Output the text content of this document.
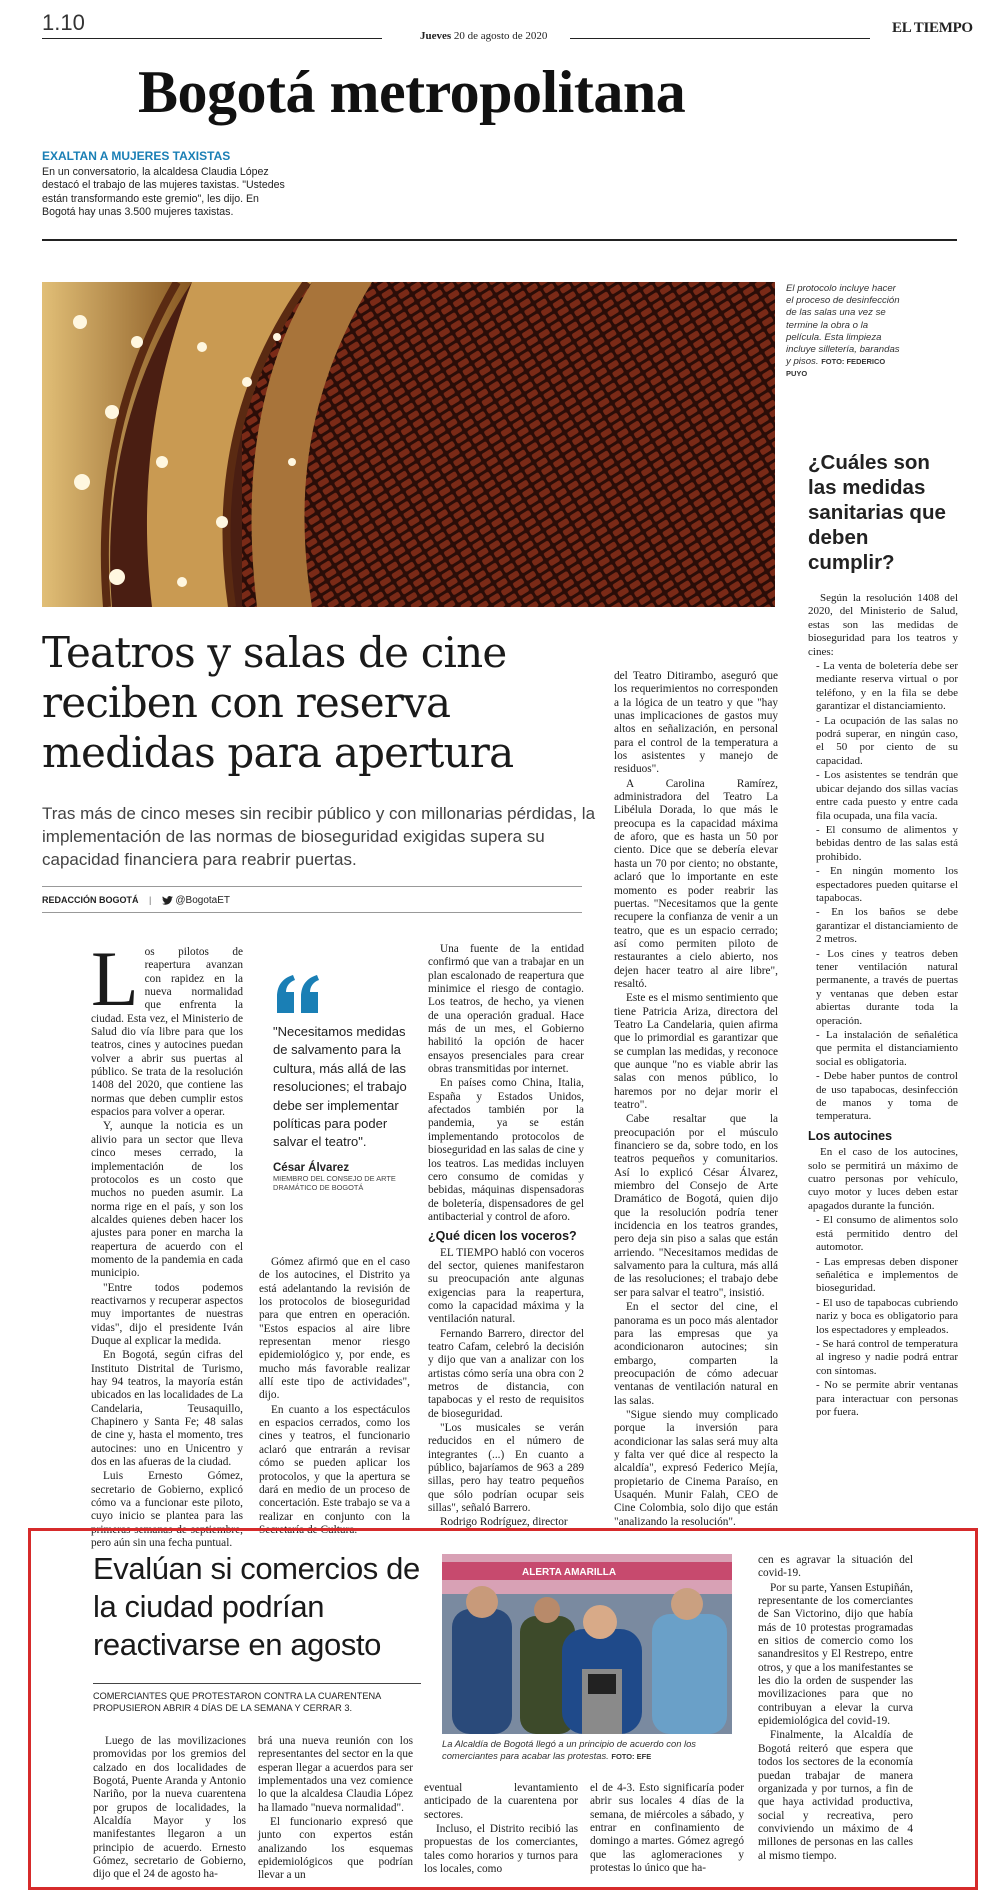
1.10
Jueves 20 de agosto de 2020	EL TIEMPO
Bogotá metropolitana
EXALTAN A MUJERES TAXISTAS
En un conversatorio, la alcaldesa Claudia López destacó el trabajo de las mujeres taxistas. "Ustedes están transformando este gremio", les dijo. En Bogotá hay unas 3.500 mujeres taxistas.
El protocolo incluye hacer el proceso de desinfección de las salas una vez se termine la obra o la película. Esta limpieza incluye silletería, barandas y pisos. FOTO: FEDERICO PUYO
¿Cuáles son las medidas sanitarias que deben cumplir?

Según la resolución 1408 del 2020, del Ministerio de Salud, estas son las medidas de bioseguridad para los teatros y cines:

- La venta de boletería debe ser mediante reserva virtual o por teléfono, y en la fila se debe garantizar el distanciamiento.

- La ocupación de las salas no podrá superar, en ningún caso, el 50 por ciento de su capacidad.

- Los asistentes se tendrán que ubicar dejando dos sillas vacías entre cada puesto y entre cada fila ocupada, una fila vacía.

- El consumo de alimentos y bebidas dentro de las salas está prohibido.

- En ningún momento los espectadores pueden quitarse el tapabocas.

- En los baños se debe garantizar el distanciamiento de 2 metros.

- Los cines y teatros deben tener ventilación natural permanente, a través de puertas y ventanas que deben estar abiertas durante toda la operación.

- La instalación de señalética que permita el distanciamiento social es obligatoria.

- Debe haber puntos de control de uso tapabocas, desinfección de manos y toma de temperatura.

Los autocines

En el caso de los autocines, solo se permitirá un máximo de cuatro personas por vehículo, cuyo motor y luces deben estar apagados durante la función.

- El consumo de alimentos solo está permitido dentro del automotor.

- Las empresas deben disponer señalética e implementos de bioseguridad.

- El uso de tapabocas cubriendo nariz y boca es obligatorio para los espectadores y empleados.

- Se hará control de temperatura al ingreso y nadie podrá entrar con síntomas.

- No se permite abrir ventanas para interactuar con personas por fuera.

Teatros y salas de cine reciben con reserva medidas para apertura
Tras más de cinco meses sin recibir público y con millonarias pérdidas, la implementación de las normas de bioseguridad exigidas supera su capacidad financiera para reabrir puertas.
REDACCIÓN BOGOTÁ | @BogotaET
L os pilotos de reapertura avanzan con rapidez en la nueva normalidad que enfrenta la ciudad. Esta vez, el Ministerio de Salud dio vía libre para que los teatros, cines y autocines puedan volver a abrir sus puertas al público. Se trata de la resolución 1408 del 2020, que contiene las normas que deben cumplir estos espacios para volver a operar.

Y, aunque la noticia es un alivio para un sector que lleva cinco meses cerrado, la implementación de los protocolos es un costo que muchos no pueden asumir. La norma rige en el país, y son los alcaldes quienes deben hacer los ajustes para poner en marcha la reapertura de acuerdo con el momento de la pandemia en cada municipio.

"Entre todos podemos reactivarnos y recuperar aspectos muy importantes de nuestras vidas", dijo el presidente Iván Duque al explicar la medida.

En Bogotá, según cifras del Instituto Distrital de Turismo, hay 94 teatros, la mayoría están ubicados en las localidades de La Candelaria, Teusaquillo, Chapinero y Santa Fe; 48 salas de cine y, hasta el momento, tres autocines: uno en Unicentro y dos en las afueras de la ciudad.

Luis Ernesto Gómez, secretario de Gobierno, explicó cómo va a funcionar este piloto, cuyo inicio se plantea para las primeras semanas de septiembre, pero aún sin una fecha puntual.

"Necesitamos medidas de salvamento para la cultura, más allá de las resoluciones; el trabajo debe ser implementar políticas para poder salvar el teatro".
César Álvarez
MIEMBRO DEL CONSEJO DE ARTE DRAMÁTICO DE BOGOTÁ

Gómez afirmó que en el caso de los autocines, el Distrito ya está adelantando la revisión de los protocolos de bioseguridad para que entren en operación. "Estos espacios al aire libre representan menor riesgo epidemiológico y, por ende, es mucho más favorable realizar allí este tipo de actividades", dijo.

En cuanto a los espectáculos en espacios cerrados, como los cines y teatros, el funcionario aclaró que entrarán a revisar cómo se pueden aplicar los protocolos, y que la apertura se dará en medio de un proceso de concertación. Este trabajo se va a realizar en conjunto con la Secretaría de Cultura.

Una fuente de la entidad confirmó que van a trabajar en un plan escalonado de reapertura que minimice el riesgo de contagio. Los teatros, de hecho, ya vienen de una operación gradual. Hace más de un mes, el Gobierno habilitó la opción de hacer ensayos presenciales para crear obras transmitidas por internet.

En países como China, Italia, España y Estados Unidos, afectados también por la pandemia, ya se están implementando protocolos de bioseguridad en las salas de cine y los teatros. Las medidas incluyen cero consumo de comidas y bebidas, máquinas dispensadoras de boletería, dispensadores de gel antibacterial y control de aforo.

¿Qué dicen los voceros?

EL TIEMPO habló con voceros del sector, quienes manifestaron su preocupación ante algunas exigencias para la reapertura, como la capacidad máxima y la ventilación natural.

Fernando Barrero, director del teatro Cafam, celebró la decisión y dijo que van a analizar con los artistas cómo sería una obra con 2 metros de distancia, con tapabocas y el resto de requisitos de bioseguridad.

"Los musicales se verán reducidos en el número de integrantes (...) En cuanto a público, bajaríamos de 963 a 289 sillas, pero hay teatro pequeños que sólo podrían ocupar seis sillas", señaló Barrero.

Rodrigo Rodríguez, director

del Teatro Ditirambo, aseguró que los requerimientos no corresponden a la lógica de un teatro y que "hay unas implicaciones de gastos muy altos en señalización, en personal para el control de la temperatura a los asistentes y manejo de residuos".

A Carolina Ramírez, administradora del Teatro La Libélula Dorada, lo que más le preocupa es la capacidad máxima de aforo, que es hasta un 50 por ciento. Dice que se debería elevar hasta un 70 por ciento; no obstante, aclaró que lo importante en este momento es poder reabrir las puertas. "Necesitamos que la gente recupere la confianza de venir a un teatro, que es un espacio cerrado; así como permiten piloto de restaurantes a cielo abierto, nos dejen hacer teatro al aire libre", resaltó.

Este es el mismo sentimiento que tiene Patricia Ariza, directora del Teatro La Candelaria, quien afirma que lo primordial es garantizar que se cumplan las medidas, y reconoce que aunque "no es viable abrir las salas con menos público, lo haremos por no dejar morir el teatro".

Cabe resaltar que la preocupación por el músculo financiero se da, sobre todo, en los teatros pequeños y comunitarios. Así lo explicó César Álvarez, miembro del Consejo de Arte Dramático de Bogotá, quien dijo que la resolución podría tener incidencia en los teatros grandes, pero deja sin piso a salas que están arriendo. "Necesitamos medidas de salvamento para la cultura, más allá de las resoluciones; el trabajo debe ser para salvar el teatro", insistió.

En el sector del cine, el panorama es un poco más alentador para las empresas que ya acondicionaron autocines; sin embargo, comparten la preocupación de cómo adecuar ventanas de ventilación natural en las salas.

"Sigue siendo muy complicado porque la inversión para acondicionar las salas será muy alta y falta ver qué dice al respecto la alcaldía", expresó Federico Mejía, propietario de Cinema Paraíso, en Usaquén. Munir Falah, CEO de Cine Colombia, solo dijo que están "analizando la resolución".

Evalúan si comercios de la ciudad podrían reactivarse en agosto
COMERCIANTES QUE PROTESTARON CONTRA LA CUARENTENA PROPUSIERON ABRIR 4 DÍAS DE LA SEMANA Y CERRAR 3.
ALERTA AMARILLA
La Alcaldía de Bogotá llegó a un principio de acuerdo con los comerciantes para acabar las protestas. FOTO: EFE

Luego de las movilizaciones promovidas por los gremios del calzado en dos localidades de Bogotá, Puente Aranda y Antonio Nariño, por la nueva cuarentena por grupos de localidades, la Alcaldía Mayor y los manifestantes llegaron a un principio de acuerdo. Ernesto Gómez, secretario de Gobierno, dijo que el 24 de agosto ha-

brá una nueva reunión con los representantes del sector en la que esperan llegar a acuerdos para ser implementados una vez comience lo que la alcaldesa Claudia López ha llamado "nueva normalidad".

El funcionario expresó que junto con expertos están analizando los esquemas epidemiológicos que podrían llevar a un

eventual levantamiento anticipado de la cuarentena por sectores.

Incluso, el Distrito recibió las propuestas de los comerciantes, tales como horarios y turnos para los locales, como

el de 4-3. Esto significaría poder abrir sus locales 4 días de la semana, de miércoles a sábado, y entrar en confinamiento de domingo a martes. Gómez agregó que las aglomeraciones y protestas lo único que ha-

cen es agravar la situación del covid-19.

Por su parte, Yansen Estupiñán, representante de los comerciantes de San Victorino, dijo que había más de 10 protestas programadas en sitios de comercio como los sanandresitos y El Restrepo, entre otros, y que a los manifestantes se les dio la orden de suspender las movilizaciones para que no contribuyan a elevar la curva epidemiológica del covid-19.

Finalmente, la Alcaldía de Bogotá reiteró que espera que todos los sectores de la economía puedan trabajar de manera organizada y por turnos, a fin de que haya actividad productiva, social y recreativa, pero conviviendo un máximo de 4 millones de personas en las calles al mismo tiempo.
